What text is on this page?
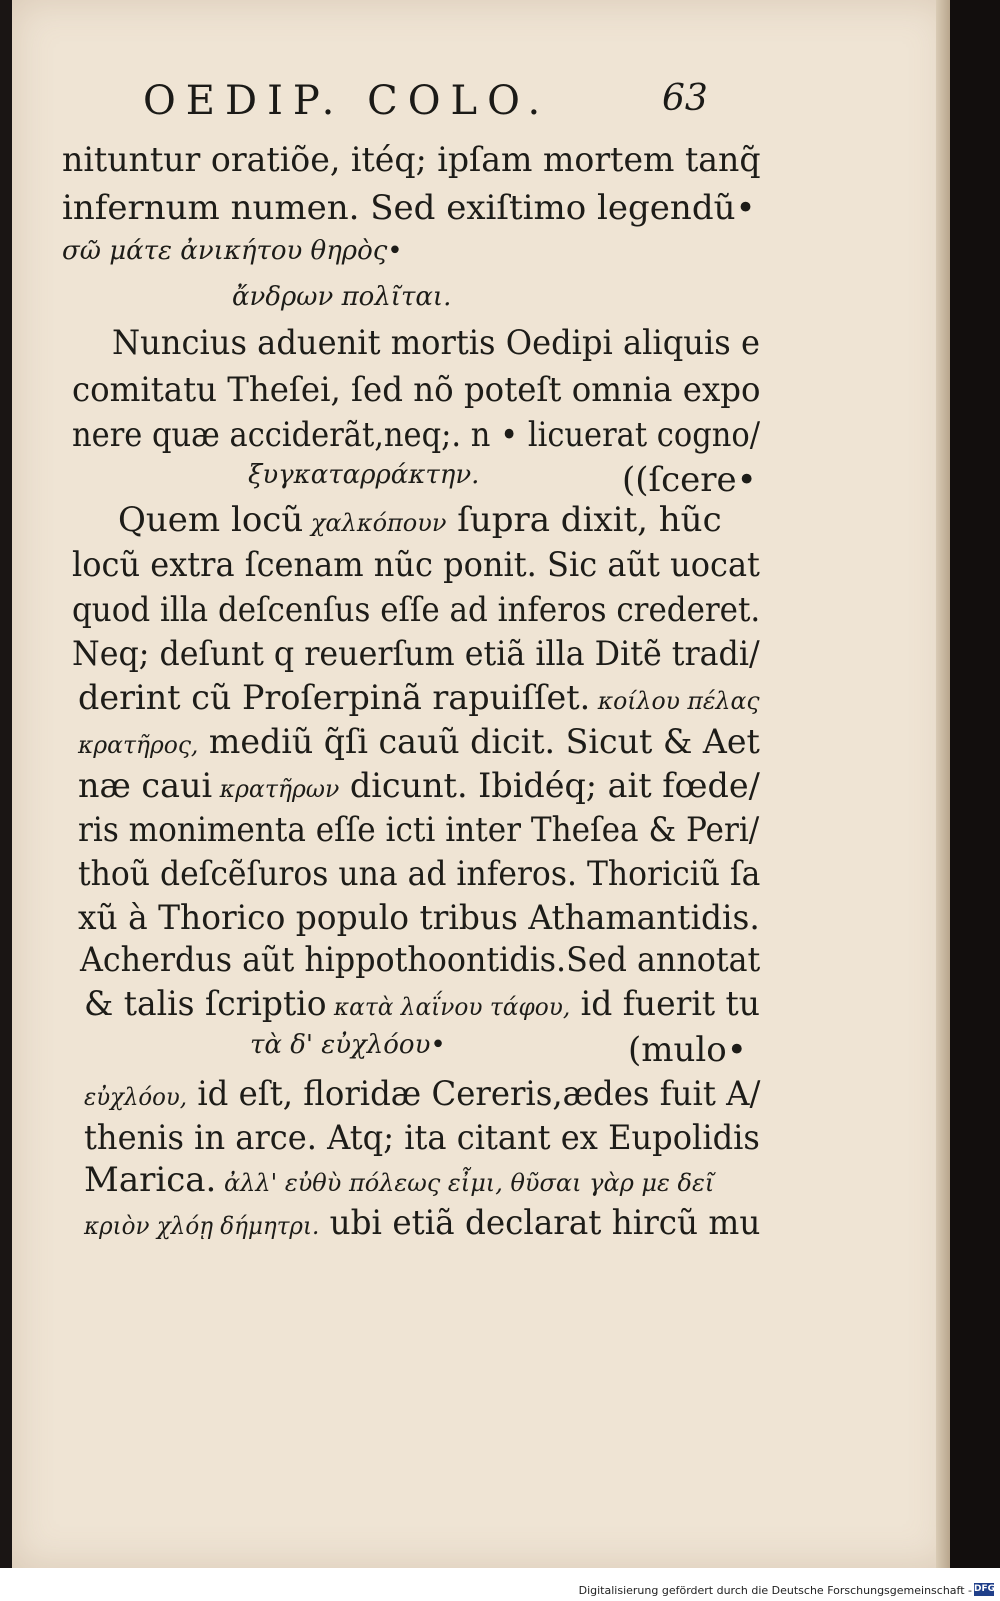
OEDIP. COLO.	63
nituntur oratiõe, itéq; ipſam mortem tanq̃
infernum numen. Sed exiſtimo legendũ•
σῶ μάτε ἀνικήτου θηρὸς•
ἄνδρων πολῖται.
Nuncius aduenit mortis Oedipi aliquis e
comitatu Theſei, ſed nõ poteſt omnia expo
nere quæ acciderãt,neq;. n • licuerat cogno/
ξυγκαταρράκτην.	((ſcere•
Quem locũ χαλκόπουν ſupra dixit, hũc
locũ extra ſcenam nũc ponit. Sic aũt uocat
quod illa deſcenſus eſſe ad inferos crederet.
Neq; deſunt q reuerſum etiã illa Ditẽ tradi/
derint cũ Proſerpinã rapuiſſet. κοίλου πέλας
κρατῆρος, mediũ q̃ſi cauũ dicit. Sicut & Aet
næ caui κρατῆρων dicunt. Ibidéq; ait fœde/
ris monimenta eſſe icti inter Theſea & Peri/
thoũ deſcẽſuros una ad inferos. Thoriciũ ſa
xũ à Thorico populo tribus Athamantidis.
Acherdus aũt hippothoontidis.Sed annotat
& talis ſcriptio κατὰ λαΐνου τάφου, id fuerit tu
τὰ δ' εὐχλόου•	(mulo•
εὐχλόου, id eſt, floridæ Cereris,ædes fuit A/
thenis in arce. Atq; ita citant ex Eupolidis
Marica. ἀλλ' εὐθὺ πόλεως εἶμι, θῦσαι γὰρ με δεῖ
κριὸν χλόῃ δήμητρι. ubi etiã declarat hircũ mu
Digitalisierung gefördert durch die Deutsche Forschungsgemeinschaft - DFG
